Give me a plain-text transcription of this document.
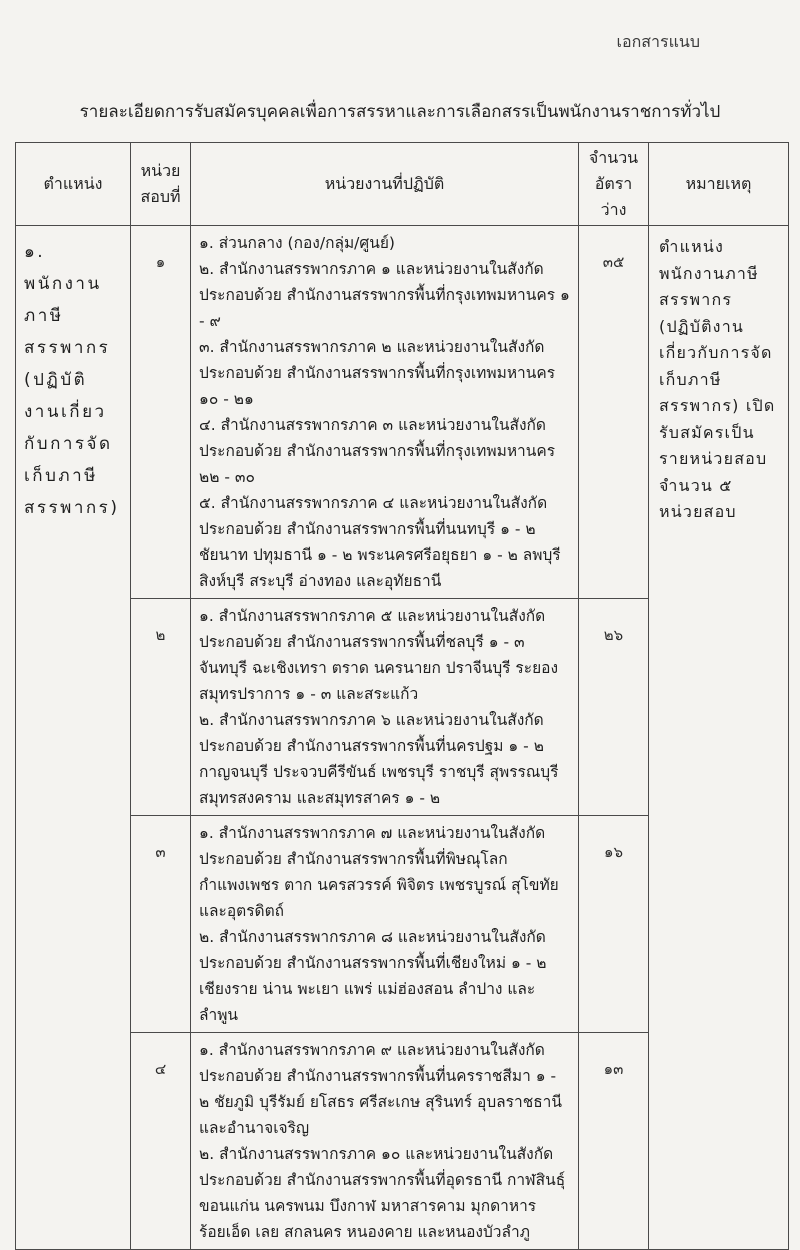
เอกสารแนบ
รายละเอียดการรับสมัครบุคคลเพื่อการสรรหาและการเลือกสรรเป็นพนักงานราชการทั่วไป
ตำแหน่ง	หน่วยสอบที่	หน่วยงานที่ปฏิบัติ	จำนวนอัตราว่าง	หมายเหตุ
๑. พนักงานภาษีสรรพากร (ปฏิบัติงานเกี่ยวกับการจัดเก็บภาษีสรรพากร)	๑	๑. ส่วนกลาง (กอง/กลุ่ม/ศูนย์)

๒. สำนักงานสรรพากรภาค ๑ และหน่วยงานในสังกัด ประกอบด้วย สำนักงานสรรพากรพื้นที่กรุงเทพมหานคร ๑ - ๙

๓. สำนักงานสรรพากรภาค ๒ และหน่วยงานในสังกัด ประกอบด้วย สำนักงานสรรพากรพื้นที่กรุงเทพมหานคร ๑๐ - ๒๑

๔. สำนักงานสรรพากรภาค ๓ และหน่วยงานในสังกัด ประกอบด้วย สำนักงานสรรพากรพื้นที่กรุงเทพมหานคร ๒๒ - ๓๐

๕. สำนักงานสรรพากรภาค ๔ และหน่วยงานในสังกัด ประกอบด้วย สำนักงานสรรพากรพื้นที่นนทบุรี ๑ - ๒ ชัยนาท ปทุมธานี ๑ - ๒ พระนครศรีอยุธยา ๑ - ๒ ลพบุรี สิงห์บุรี สระบุรี อ่างทอง และอุทัยธานี	๓๕	ตำแหน่งพนักงานภาษีสรรพากร (ปฏิบัติงานเกี่ยวกับการจัดเก็บภาษีสรรพากร) เปิดรับสมัครเป็นรายหน่วยสอบจำนวน ๕ หน่วยสอบ
	๒	๑. สำนักงานสรรพากรภาค ๕ และหน่วยงานในสังกัด ประกอบด้วย สำนักงานสรรพากรพื้นที่ชลบุรี ๑ - ๓ จันทบุรี ฉะเชิงเทรา ตราด นครนายก ปราจีนบุรี ระยอง สมุทรปราการ ๑ - ๓ และสระแก้ว

๒. สำนักงานสรรพากรภาค ๖ และหน่วยงานในสังกัด ประกอบด้วย สำนักงานสรรพากรพื้นที่นครปฐม ๑ - ๒ กาญจนบุรี ประจวบคีรีขันธ์ เพชรบุรี ราชบุรี สุพรรณบุรี สมุทรสงคราม และสมุทรสาคร ๑ - ๒	๒๖	
	๓	๑. สำนักงานสรรพากรภาค ๗ และหน่วยงานในสังกัด ประกอบด้วย สำนักงานสรรพากรพื้นที่พิษณุโลก กำแพงเพชร ตาก นครสวรรค์ พิจิตร เพชรบูรณ์ สุโขทัย และอุตรดิตถ์

๒. สำนักงานสรรพากรภาค ๘ และหน่วยงานในสังกัด ประกอบด้วย สำนักงานสรรพากรพื้นที่เชียงใหม่ ๑ - ๒ เชียงราย น่าน พะเยา แพร่ แม่ฮ่องสอน ลำปาง และลำพูน	๑๖	
	๔	๑. สำนักงานสรรพากรภาค ๙ และหน่วยงานในสังกัด ประกอบด้วย สำนักงานสรรพากรพื้นที่นครราชสีมา ๑ - ๒ ชัยภูมิ บุรีรัมย์ ยโสธร ศรีสะเกษ สุรินทร์ อุบลราชธานี และอำนาจเจริญ

๒. สำนักงานสรรพากรภาค ๑๐ และหน่วยงานในสังกัด ประกอบด้วย สำนักงานสรรพากรพื้นที่อุดรธานี กาฬสินธุ์ ขอนแก่น นครพนม บึงกาฬ มหาสารคาม มุกดาหาร ร้อยเอ็ด เลย สกลนคร หนองคาย และหนองบัวลำภู	๑๓	
